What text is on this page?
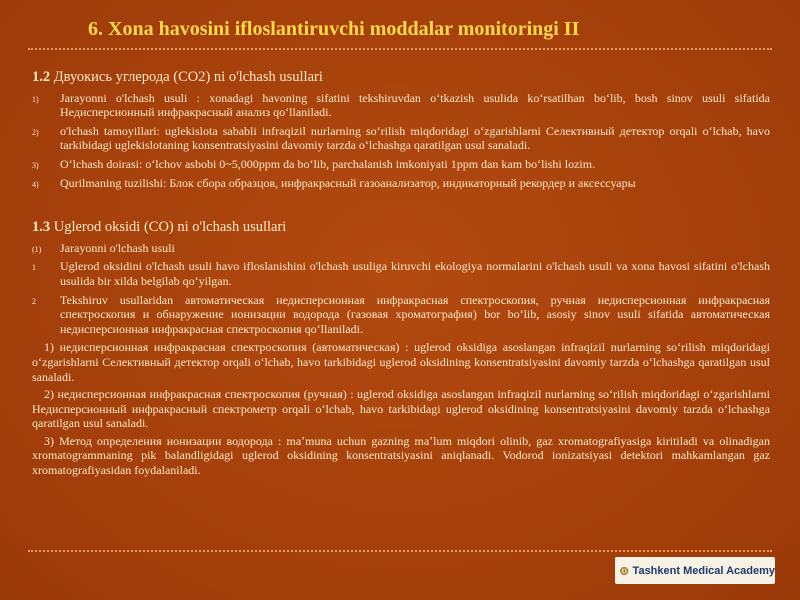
6. Xona havosini ifloslantiruvchi moddalar monitoringi II
1.2 Двуокись углерода (CO2) ni o'lchash usullari
1) Jarayonni o'lchash usuli : xonadagi havoning sifatini tekshiruvdan oʻtkazish usulida koʻrsatilhan boʻlib, bosh sinov usuli sifatida Недисперсионный инфракрасный анализ qoʻllaniladi.
2) o'lchash tamoyillari: uglekislota sababli infraqizil nurlarning soʻrilish miqdoridagi oʻzgarishlarni Селективный детектор orqali oʻlchab, havo tarkibidagi uglekislotaning konsentratsiyasini davomiy tarzda oʻlchashga qaratilgan usul sanaladi.
3) Oʻlchash doirasi: oʻlchov asbobi 0~5,000ppm da boʻlib, parchalanish imkoniyati 1ppm dan kam boʻlishi lozim.
4) Qurilmaning tuzilishi: Блок сбора образцов, инфракрасный газоанализатор, индикаторный рекордер и аксессуары
1.3 Uglerod oksidi (CO) ni o'lchash usullari
(1) Jarayonni o'lchash usuli
1 Uglerod oksidini o'lchash usuli havo ifloslanishini o'lchash usuliga kiruvchi ekologiya normalarini o'lchash usuli va xona havosi sifatini o'lchash usulida bir xilda belgilab qoʻyilgan.
2 Tekshiruv usullaridan автоматическая недисперсионная инфракрасная спектроскопия, ручная недисперсионная инфракрасная спектроскопия и обнаружение ионизации водорода (газовая хроматография) bor boʻlib, asosiy sinov usuli sifatida автоматическая недисперсионная инфракрасная спектроскопия qoʻllaniladi.
1) недисперсионная инфракрасная спектроскопия (автоматическая) : uglerod oksidiga asoslangan infraqizil nurlarning soʻrilish miqdoridagi oʻzgarishlarni Селективный детектор orqali oʻlchab, havo tarkibidagi uglerod oksidining konsentratsiyasini davomiy tarzda oʻlchashga qaratilgan usul sanaladi.
2) недисперсионная инфракрасная спектроскопия (ручная) : uglerod oksidiga asoslangan infraqizil nurlarning soʻrilish miqdoridagi oʻzgarishlarni Недисперсионный инфракрасный спектрометр orqali oʻlchab, havo tarkibidagi uglerod oksidining konsentratsiyasini davomiy tarzda oʻlchashga qaratilgan usul sanaladi.
3) Метод определения ионизации водорода : maʼmuna uchun gazning maʼlum miqdori olinib, gaz xromatografiyasiga kiritiladi va olinadigan xromatogrammaning pik balandligidagi uglerod oksidining konsentratsiyasini aniqlanadi. Vodorod ionizatsiyasi detektori mahkamlangan gaz xromatografiyasidan foydalaniladi.
Tashkent Medical Academy
